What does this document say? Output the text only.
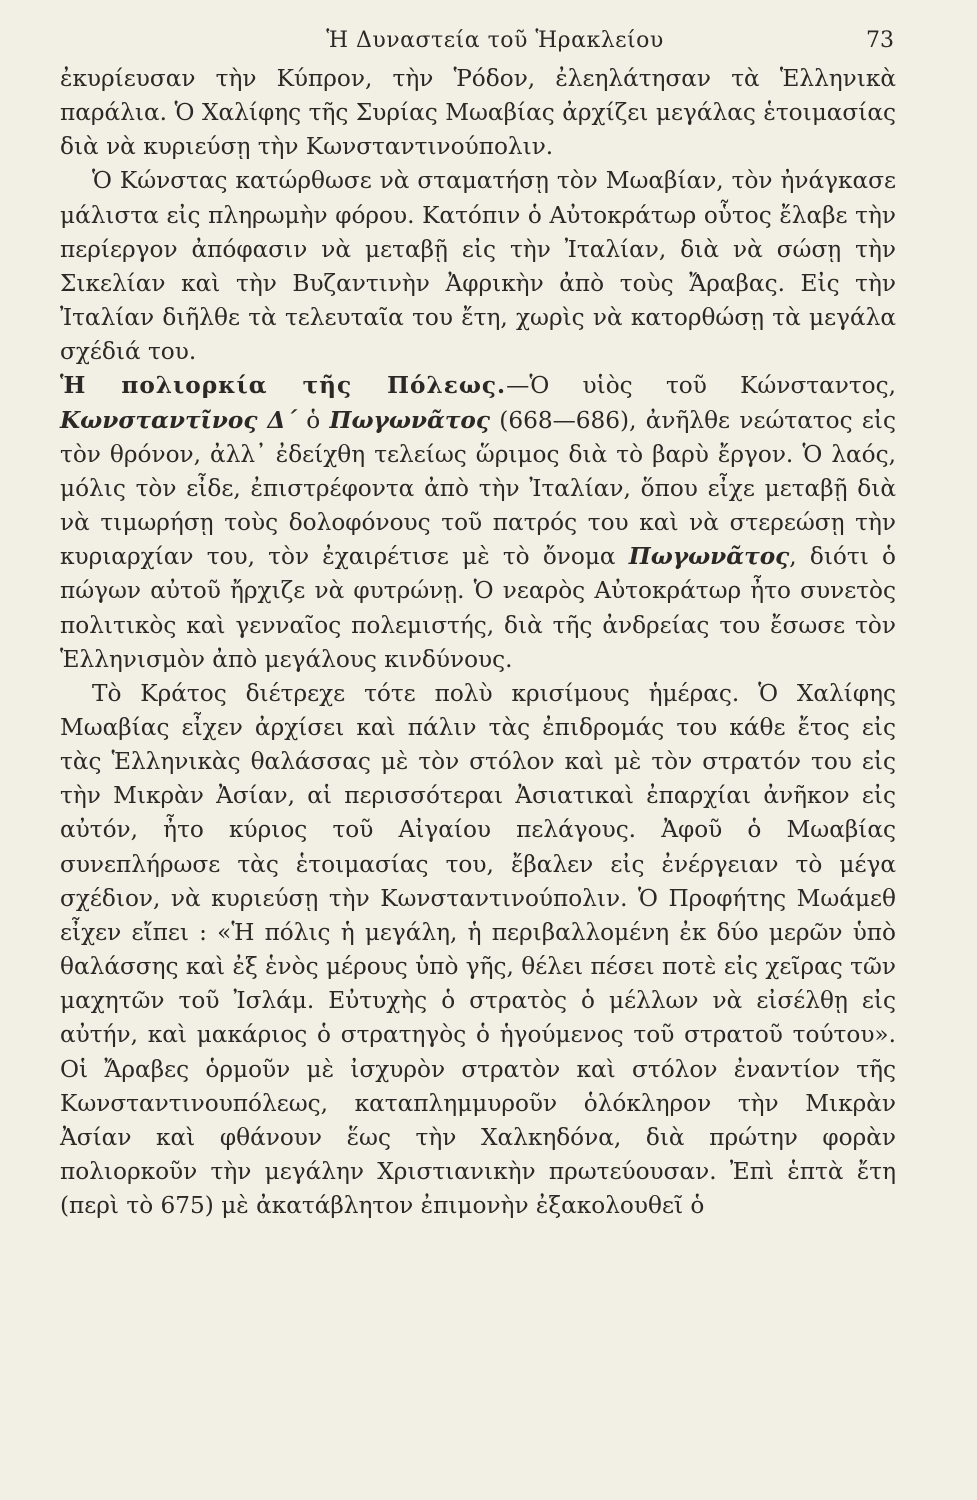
Ἡ Δυναστεία τοῦ Ἡρακλείου	73

ἐκυρίευσαν τὴν Κύπρον, τὴν Ῥόδον, ἐλεηλάτησαν τὰ Ἑλληνικὰ παράλια. Ὁ Χαλίφης τῆς Συρίας Μωαβίας ἀρχίζει μεγάλας ἑτοιμασίας διὰ νὰ κυριεύσῃ τὴν Κωνσταντινούπολιν.

Ὁ Κώνστας κατώρθωσε νὰ σταματήσῃ τὸν Μωαβίαν, τὸν ἠνάγκασε μάλιστα εἰς πληρωμὴν φόρου. Κατόπιν ὁ Αὐτοκράτωρ οὗτος ἔλαβε τὴν περίεργον ἀπόφασιν νὰ μεταβῇ εἰς τὴν Ἰταλίαν, διὰ νὰ σώσῃ τὴν Σικελίαν καὶ τὴν Βυζαντινὴν Ἀφρικὴν ἀπὸ τοὺς Ἄραβας. Εἰς τὴν Ἰταλίαν διῆλθε τὰ τελευταῖα του ἔτη, χωρὶς νὰ κατορθώσῃ τὰ μεγάλα σχέδιά του.

Ἡ πολιορκία τῆς Πόλεως.—Ὁ υἱὸς τοῦ Κώνσταντος, Κωνσταντῖνος Δ´ ὁ Πωγωνᾶτος (668—686), ἀνῆλθε νεώτατος εἰς τὸν θρόνον, ἀλλ᾽ ἐδείχθη τελείως ὥριμος διὰ τὸ βαρὺ ἔργον. Ὁ λαός, μόλις τὸν εἶδε, ἐπιστρέφοντα ἀπὸ τὴν Ἰταλίαν, ὅπου εἶχε μεταβῇ διὰ νὰ τιμωρήσῃ τοὺς δολοφόνους τοῦ πατρός του καὶ νὰ στερεώσῃ τὴν κυριαρχίαν του, τὸν ἐχαιρέτισε μὲ τὸ ὄνομα Πωγωνᾶτος, διότι ὁ πώγων αὐτοῦ ἤρχιζε νὰ φυτρώνῃ. Ὁ νεαρὸς Αὐτοκράτωρ ἦτο συνετὸς πολιτικὸς καὶ γενναῖος πολεμιστής, διὰ τῆς ἀνδρείας του ἔσωσε τὸν Ἑλληνισμὸν ἀπὸ μεγάλους κινδύνους.

Τὸ Κράτος διέτρεχε τότε πολὺ κρισίμους ἡμέρας. Ὁ Χαλίφης Μωαβίας εἶχεν ἀρχίσει καὶ πάλιν τὰς ἐπιδρομάς του κάθε ἔτος εἰς τὰς Ἑλληνικὰς θαλάσσας μὲ τὸν στόλον καὶ μὲ τὸν στρατόν του εἰς τὴν Μικρὰν Ἀσίαν, αἱ περισσότεραι Ἀσιατικαὶ ἐπαρχίαι ἀνῆκον εἰς αὐτόν, ἦτο κύριος τοῦ Αἰγαίου πελάγους. Ἀφοῦ ὁ Μωαβίας συνεπλήρωσε τὰς ἑτοιμασίας του, ἔβαλεν εἰς ἐνέργειαν τὸ μέγα σχέδιον, νὰ κυριεύσῃ τὴν Κωνσταντινούπολιν. Ὁ Προφήτης Μωάμεθ εἶχεν εἴπει : «Ἡ πόλις ἡ μεγάλη, ἡ περιβαλλομένη ἐκ δύο μερῶν ὑπὸ θαλάσσης καὶ ἐξ ἑνὸς μέρους ὑπὸ γῆς, θέλει πέσει ποτὲ εἰς χεῖρας τῶν μαχητῶν τοῦ Ἰσλάμ. Εὐτυχὴς ὁ στρατὸς ὁ μέλλων νὰ εἰσέλθῃ εἰς αὐτήν, καὶ μακάριος ὁ στρατηγὸς ὁ ἡγούμενος τοῦ στρατοῦ τούτου». Οἱ Ἄραβες ὁρμοῦν μὲ ἰσχυρὸν στρατὸν καὶ στόλον ἐναντίον τῆς Κωνσταντινουπόλεως, καταπλημμυροῦν ὁλόκληρον τὴν Μικρὰν Ἀσίαν καὶ φθάνουν ἕως τὴν Χαλκηδόνα, διὰ πρώτην φορὰν πολιορκοῦν τὴν μεγάλην Χριστιανικὴν πρωτεύουσαν. Ἐπὶ ἑπτὰ ἔτη (περὶ τὸ 675) μὲ ἀκατάβλητον ἐπιμονὴν ἐξακολουθεῖ ὁ
